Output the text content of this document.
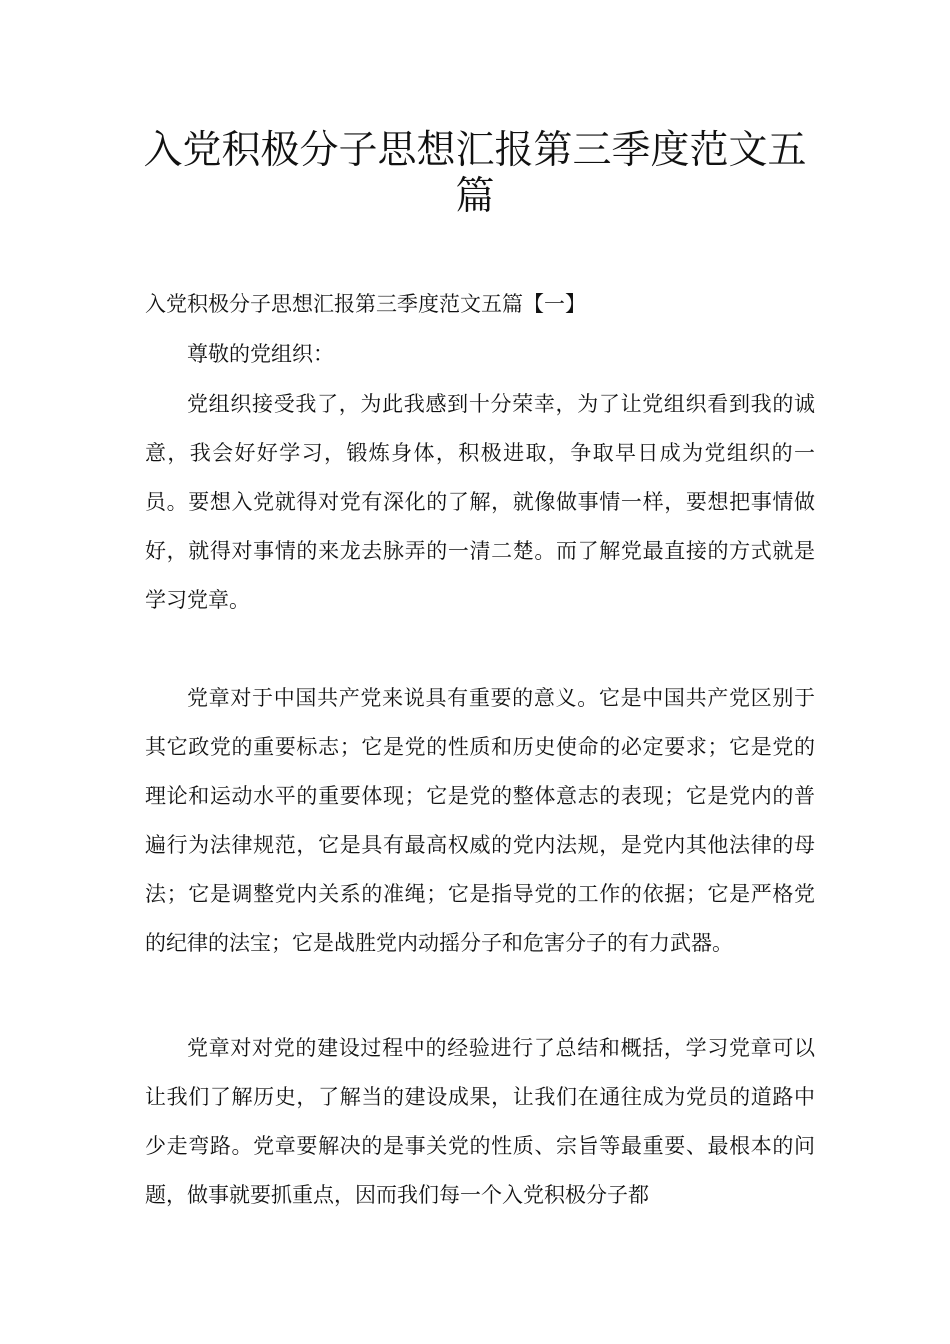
入党积极分子思想汇报第三季度范文五
篇

入党积极分子思想汇报第三季度范文五篇【一】

尊敬的党组织：

党组织接受我了，为此我感到十分荣幸，为了让党组织看到我的诚意，我会好好学习，锻炼身体，积极进取，争取早日成为党组织的一员。要想入党就得对党有深化的了解，就像做事情一样，要想把事情做好，就得对事情的来龙去脉弄的一清二楚。而了解党最直接的方式就是学习党章。

党章对于中国共产党来说具有重要的意义。它是中国共产党区别于其它政党的重要标志；它是党的性质和历史使命的必定要求；它是党的理论和运动水平的重要体现；它是党的整体意志的表现；它是党内的普遍行为法律规范，它是具有最高权威的党内法规，是党内其他法律的母法；它是调整党内关系的准绳；它是指导党的工作的依据；它是严格党的纪律的法宝；它是战胜党内动摇分子和危害分子的有力武器。

党章对对党的建设过程中的经验进行了总结和概括，学习党章可以让我们了解历史，了解当的建设成果，让我们在通往成为党员的道路中少走弯路。党章要解决的是事关党的性质、宗旨等最重要、最根本的问题，做事就要抓重点，因而我们每一个入党积极分子都
